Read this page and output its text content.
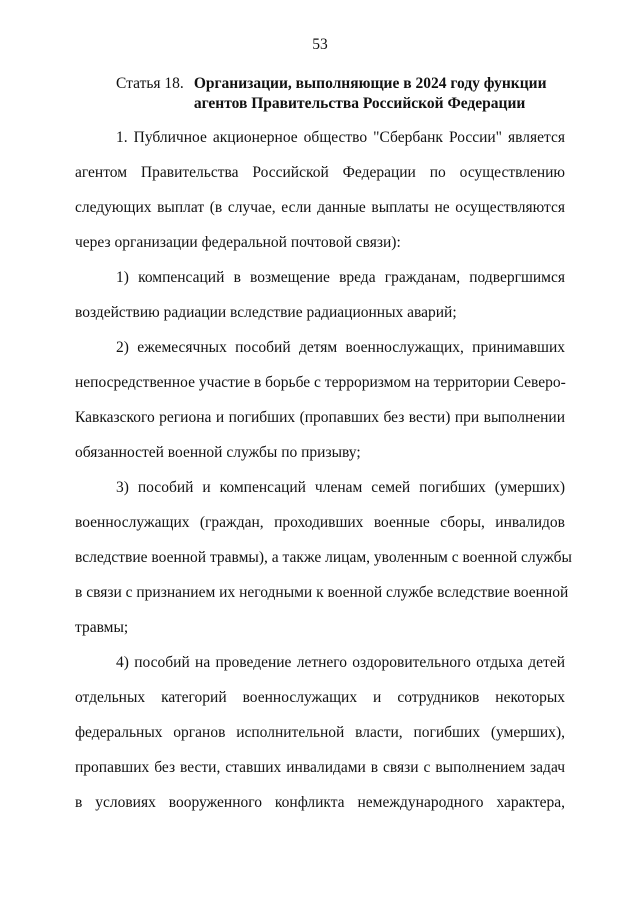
53
Статья 18. Организации, выполняющие в 2024 году функции
агентов Правительства Российской Федерации
1. Публичное акционерное общество "Сбербанк России" является
агентом Правительства Российской Федерации по осуществлению
следующих выплат (в случае, если данные выплаты не осуществляются
через организации федеральной почтовой связи):
1) компенсаций в возмещение вреда гражданам, подвергшимся
воздействию радиации вследствие радиационных аварий;
2) ежемесячных пособий детям военнослужащих, принимавших
непосредственное участие в борьбе с терроризмом на территории Северо-
Кавказского региона и погибших (пропавших без вести) при выполнении
обязанностей военной службы по призыву;
3) пособий и компенсаций членам семей погибших (умерших)
военнослужащих (граждан, проходивших военные сборы, инвалидов
вследствие военной травмы), а также лицам, уволенным с военной службы
в связи с признанием их негодными к военной службе вследствие военной
травмы;
4) пособий на проведение летнего оздоровительного отдыха детей
отдельных категорий военнослужащих и сотрудников некоторых
федеральных органов исполнительной власти, погибших (умерших),
пропавших без вести, ставших инвалидами в связи с выполнением задач
в условиях вооруженного конфликта немеждународного характера,
